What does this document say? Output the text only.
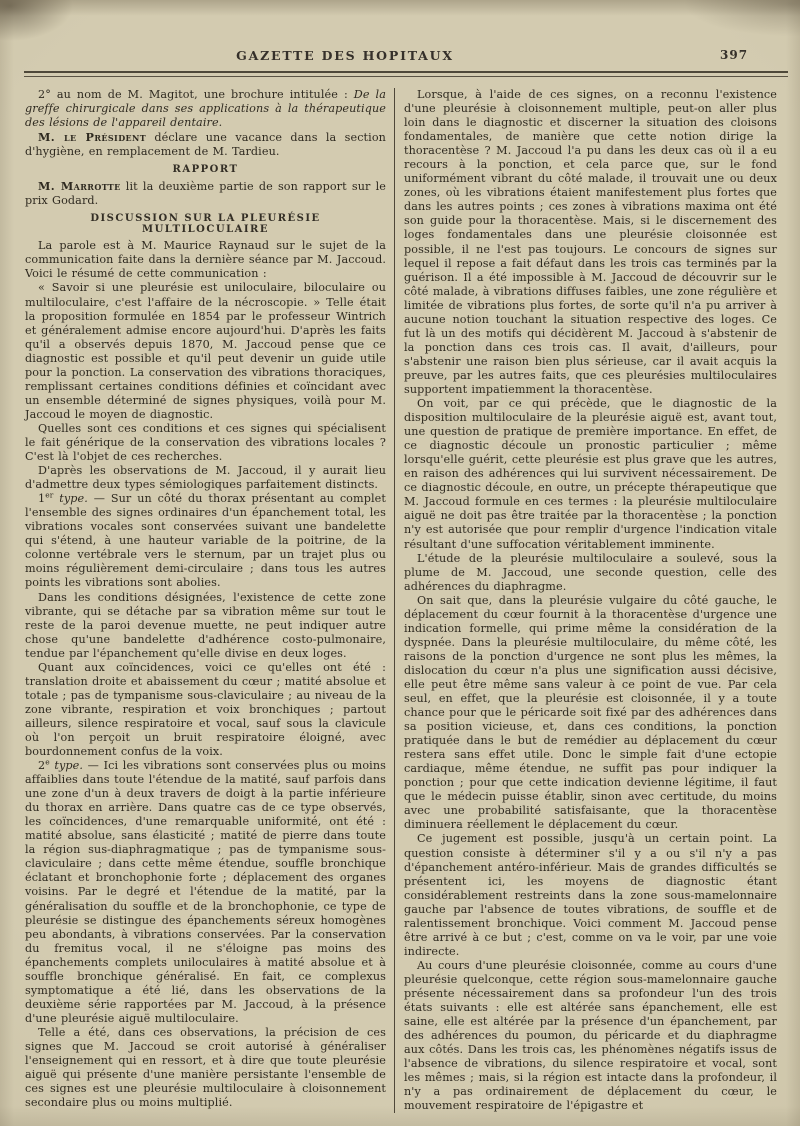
GAZETTE DES HOPITAUX	397

2° au nom de M. Magitot, une brochure intitulée : De la greffe chirurgicale dans ses applications à la thérapeutique des lésions de l'appareil dentaire.

M. le Président déclare une vacance dans la section d'hygiène, en remplacement de M. Tardieu.

RAPPORT

M. Marrotte lit la deuxième partie de son rapport sur le prix Godard.

DISCUSSION SUR LA PLEURÉSIE MULTILOCULAIRE

La parole est à M. Maurice Raynaud sur le sujet de la communication faite dans la dernière séance par M. Jaccoud. Voici le résumé de cette communication :

« Savoir si une pleurésie est uniloculaire, biloculaire ou multiloculaire, c'est l'affaire de la nécroscopie. » Telle était la proposition formulée en 1854 par le professeur Wintrich et généralement admise encore aujourd'hui. D'après les faits qu'il a observés depuis 1870, M. Jaccoud pense que ce diagnostic est possible et qu'il peut devenir un guide utile pour la ponction. La conservation des vibrations thoraciques, remplissant certaines conditions définies et coïncidant avec un ensemble déterminé de signes physiques, voilà pour M. Jaccoud le moyen de diagnostic.

Quelles sont ces conditions et ces signes qui spécialisent le fait générique de la conservation des vibrations locales ? C'est là l'objet de ces recherches.

D'après les observations de M. Jaccoud, il y aurait lieu d'admettre deux types sémiologiques parfaitement distincts.

1er type. — Sur un côté du thorax présentant au complet l'ensemble des signes ordinaires d'un épanchement total, les vibrations vocales sont conservées suivant une bandelette qui s'étend, à une hauteur variable de la poitrine, de la colonne vertébrale vers le sternum, par un trajet plus ou moins régulièrement demi-circulaire ; dans tous les autres points les vibrations sont abolies.

Dans les conditions désignées, l'existence de cette zone vibrante, qui se détache par sa vibration même sur tout le reste de la paroi devenue muette, ne peut indiquer autre chose qu'une bandelette d'adhérence costo-pulmonaire, tendue par l'épanchement qu'elle divise en deux loges.

Quant aux coïncidences, voici ce qu'elles ont été : translation droite et abaissement du cœur ; matité absolue et totale ; pas de tympanisme sous-claviculaire ; au niveau de la zone vibrante, respiration et voix bronchiques ; partout ailleurs, silence respiratoire et vocal, sauf sous la clavicule où l'on perçoit un bruit respiratoire éloigné, avec bourdonnement confus de la voix.

2e type. — Ici les vibrations sont conservées plus ou moins affaiblies dans toute l'étendue de la matité, sauf parfois dans une zone d'un à deux travers de doigt à la partie inférieure du thorax en arrière. Dans quatre cas de ce type observés, les coïncidences, d'une remarquable uniformité, ont été : matité absolue, sans élasticité ; matité de pierre dans toute la région sus-diaphragmatique ; pas de tympanisme sous-claviculaire ; dans cette même étendue, souffle bronchique éclatant et bronchophonie forte ; déplacement des organes voisins. Par le degré et l'étendue de la matité, par la généralisation du souffle et de la bronchophonie, ce type de pleurésie se distingue des épanchements séreux homogènes peu abondants, à vibrations conservées. Par la conservation du fremitus vocal, il ne s'éloigne pas moins des épanchements complets uniloculaires à matité absolue et à souffle bronchique généralisé. En fait, ce complexus symptomatique a été lié, dans les observations de la deuxième série rapportées par M. Jaccoud, à la présence d'une pleurésie aiguë multiloculaire.

Telle a été, dans ces observations, la précision de ces signes que M. Jaccoud se croit autorisé à généraliser l'enseignement qui en ressort, et à dire que toute pleurésie aiguë qui présente d'une manière persistante l'ensemble de ces signes est une pleurésie multiloculaire à cloisonnement secondaire plus ou moins multiplié.

Lorsque, à l'aide de ces signes, on a reconnu l'existence d'une pleurésie à cloisonnement multiple, peut-on aller plus loin dans le diagnostic et discerner la situation des cloisons fondamentales, de manière que cette notion dirige la thoracentèse ? M. Jaccoud l'a pu dans les deux cas où il a eu recours à la ponction, et cela parce que, sur le fond uniformément vibrant du côté malade, il trouvait une ou deux zones, où les vibrations étaient manifestement plus fortes que dans les autres points ; ces zones à vibrations maxima ont été son guide pour la thoracentèse. Mais, si le discernement des loges fondamentales dans une pleurésie cloisonnée est possible, il ne l'est pas toujours. Le concours de signes sur lequel il repose a fait défaut dans les trois cas terminés par la guérison. Il a été impossible à M. Jaccoud de découvrir sur le côté malade, à vibrations diffuses faibles, une zone régulière et limitée de vibrations plus fortes, de sorte qu'il n'a pu arriver à aucune notion touchant la situation respective des loges. Ce fut là un des motifs qui décidèrent M. Jaccoud à s'abstenir de la ponction dans ces trois cas. Il avait, d'ailleurs, pour s'abstenir une raison bien plus sérieuse, car il avait acquis la preuve, par les autres faits, que ces pleurésies multiloculaires supportent impatiemment la thoracentèse.

On voit, par ce qui précède, que le diagnostic de la disposition multiloculaire de la pleurésie aiguë est, avant tout, une question de pratique de première importance. En effet, de ce diagnostic découle un pronostic particulier ; même lorsqu'elle guérit, cette pleurésie est plus grave que les autres, en raison des adhérences qui lui survivent nécessairement. De ce diagnostic découle, en outre, un précepte thérapeutique que M. Jaccoud formule en ces termes : la pleurésie multiloculaire aiguë ne doit pas être traitée par la thoracentèse ; la ponction n'y est autorisée que pour remplir d'urgence l'indication vitale résultant d'une suffocation véritablement imminente.

L'étude de la pleurésie multiloculaire a soulevé, sous la plume de M. Jaccoud, une seconde question, celle des adhérences du diaphragme.

On sait que, dans la pleurésie vulgaire du côté gauche, le déplacement du cœur fournit à la thoracentèse d'urgence une indication formelle, qui prime même la considération de la dyspnée. Dans la pleurésie multiloculaire, du même côté, les raisons de la ponction d'urgence ne sont plus les mêmes, la dislocation du cœur n'a plus une signification aussi décisive, elle peut être même sans valeur à ce point de vue. Par cela seul, en effet, que la pleurésie est cloisonnée, il y a toute chance pour que le péricarde soit fixé par des adhérences dans sa position vicieuse, et, dans ces conditions, la ponction pratiquée dans le but de remédier au déplacement du cœur restera sans effet utile. Donc le simple fait d'une ectopie cardiaque, même étendue, ne suffit pas pour indiquer la ponction ; pour que cette indication devienne légitime, il faut que le médecin puisse établir, sinon avec certitude, du moins avec une probabilité satisfaisante, que la thoracentèse diminuera réellement le déplacement du cœur.

Ce jugement est possible, jusqu'à un certain point. La question consiste à déterminer s'il y a ou s'il n'y a pas d'épanchement antéro-inférieur. Mais de grandes difficultés se présentent ici, les moyens de diagnostic étant considérablement restreints dans la zone sous-mamelonnaire gauche par l'absence de toutes vibrations, de souffle et de ralentissement bronchique. Voici comment M. Jaccoud pense être arrivé à ce but ; c'est, comme on va le voir, par une voie indirecte.

Au cours d'une pleurésie cloisonnée, comme au cours d'une pleurésie quelconque, cette région sous-mamelonnaire gauche présente nécessairement dans sa profondeur l'un des trois états suivants : elle est altérée sans épanchement, elle est saine, elle est altérée par la présence d'un épanchement, par des adhérences du poumon, du péricarde et du diaphragme aux côtés. Dans les trois cas, les phénomènes négatifs issus de l'absence de vibrations, du silence respiratoire et vocal, sont les mêmes ; mais, si la région est intacte dans la profondeur, il n'y a pas ordinairement de déplacement du cœur, le mouvement respiratoire de l'épigastre et
